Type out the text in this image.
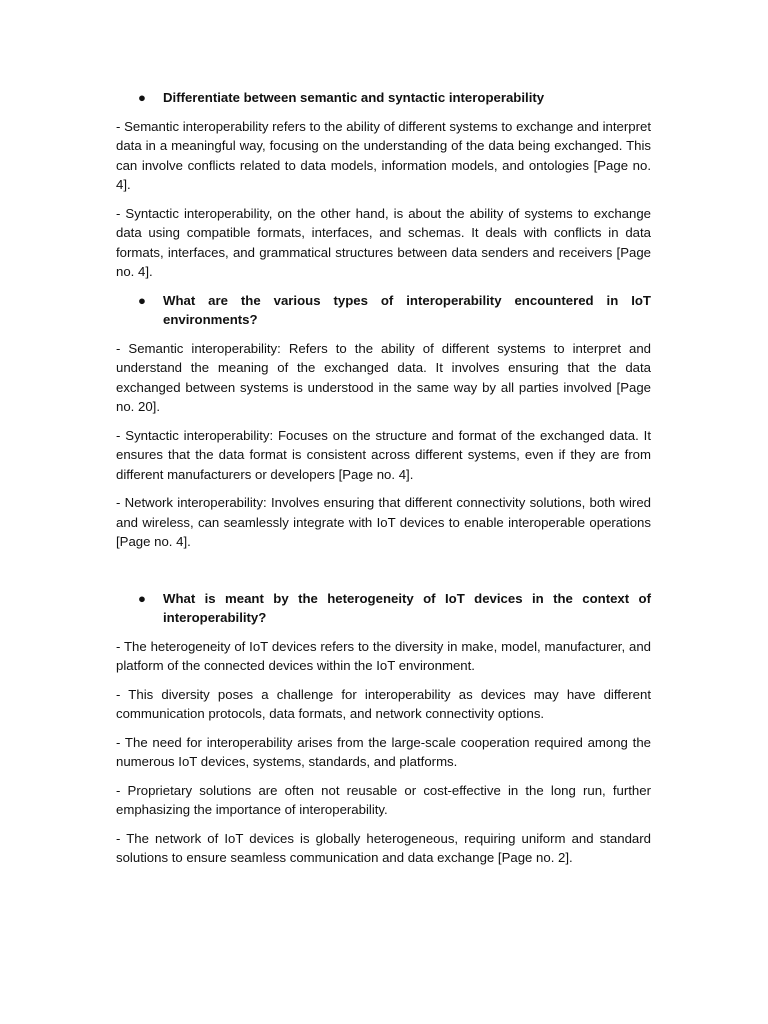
● Differentiate between semantic and syntactic interoperability

- Semantic interoperability refers to the ability of different systems to exchange and interpret data in a meaningful way, focusing on the understanding of the data being exchanged. This can involve conflicts related to data models, information models, and ontologies [Page no. 4].

- Syntactic interoperability, on the other hand, is about the ability of systems to exchange data using compatible formats, interfaces, and schemas. It deals with conflicts in data formats, interfaces, and grammatical structures between data senders and receivers [Page no. 4].

● What are the various types of interoperability encountered in IoT environments?

- Semantic interoperability: Refers to the ability of different systems to interpret and understand the meaning of the exchanged data. It involves ensuring that the data exchanged between systems is understood in the same way by all parties involved [Page no. 20].

- Syntactic interoperability: Focuses on the structure and format of the exchanged data. It ensures that the data format is consistent across different systems, even if they are from different manufacturers or developers [Page no. 4].

- Network interoperability: Involves ensuring that different connectivity solutions, both wired and wireless, can seamlessly integrate with IoT devices to enable interoperable operations [Page no. 4].

● What is meant by the heterogeneity of IoT devices in the context of interoperability?

- The heterogeneity of IoT devices refers to the diversity in make, model, manufacturer, and platform of the connected devices within the IoT environment.

- This diversity poses a challenge for interoperability as devices may have different communication protocols, data formats, and network connectivity options.

- The need for interoperability arises from the large-scale cooperation required among the numerous IoT devices, systems, standards, and platforms.

- Proprietary solutions are often not reusable or cost-effective in the long run, further emphasizing the importance of interoperability.

- The network of IoT devices is globally heterogeneous, requiring uniform and standard solutions to ensure seamless communication and data exchange [Page no. 2].
